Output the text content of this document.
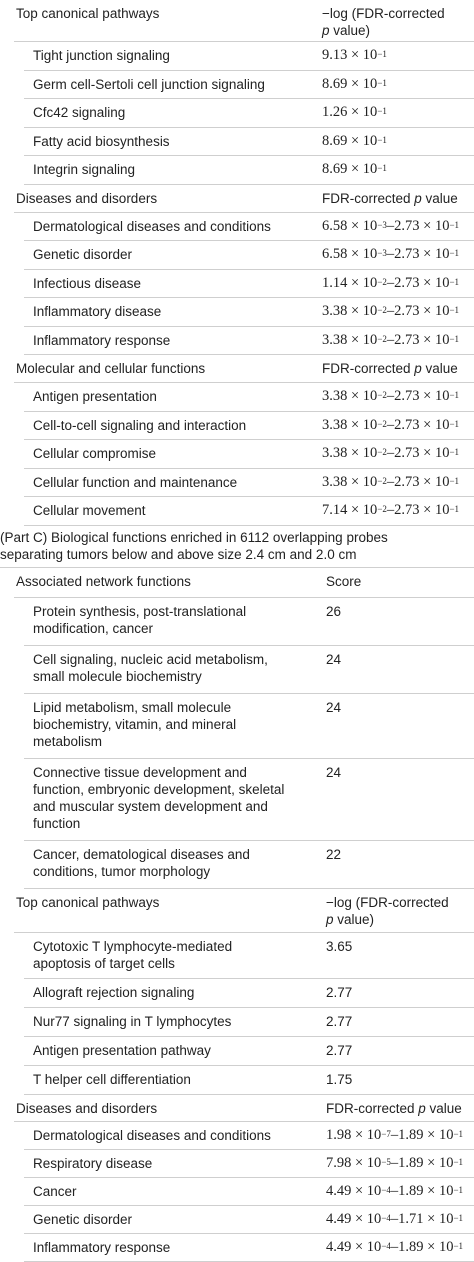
Top canonical pathways	−log (FDR-corrected
p value)
Tight junction signaling	$9.13 \times 10^{-1}$
Germ cell-Sertoli cell junction signaling	$8.69 \times 10^{-1}$
Cfc42 signaling	$1.26 \times 10^{-1}$
Fatty acid biosynthesis	$8.69 \times 10^{-1}$
Integrin signaling	$8.69 \times 10^{-1}$
Diseases and disorders	FDR-corrected p value
Dermatological diseases and conditions	$6.58 \times 10^{-3}-2.73 \times 10^{-1}$
Genetic disorder	$6.58 \times 10^{-3}-2.73 \times 10^{-1}$
Infectious disease	$1.14 \times 10^{-2}-2.73 \times 10^{-1}$
Inflammatory disease	$3.38 \times 10^{-2}-2.73 \times 10^{-1}$
Inflammatory response	$3.38 \times 10^{-2}-2.73 \times 10^{-1}$
Molecular and cellular functions	FDR-corrected p value
Antigen presentation	$3.38 \times 10^{-2}-2.73 \times 10^{-1}$
Cell-to-cell signaling and interaction	$3.38 \times 10^{-2}-2.73 \times 10^{-1}$
Cellular compromise	$3.38 \times 10^{-2}-2.73 \times 10^{-1}$
Cellular function and maintenance	$3.38 \times 10^{-2}-2.73 \times 10^{-1}$
Cellular movement	$7.14 \times 10^{-2}-2.73 \times 10^{-1}$
(Part C) Biological functions enriched in 6112 overlapping probes
separating tumors below and above size 2.4 cm and 2.0 cm
Associated network functions	Score
Protein synthesis, post-translational
modification, cancer
26
Cell signaling, nucleic acid metabolism,
small molecule biochemistry
24
Lipid metabolism, small molecule
biochemistry, vitamin, and mineral
metabolism
24
Connective tissue development and
function, embryonic development, skeletal
and muscular system development and
function
24
Cancer, dematological diseases and
conditions, tumor morphology
22
Top canonical pathways	−log (FDR-corrected
p value)
Cytotoxic T lymphocyte-mediated
apoptosis of target cells
3.65
Allograft rejection signaling	2.77
Nur77 signaling in T lymphocytes	2.77
Antigen presentation pathway	2.77
T helper cell differentiation	1.75
Diseases and disorders	FDR-corrected p value
Dermatological diseases and conditions	$1.98 \times 10^{-7}-1.89 \times 10^{-1}$
Respiratory disease	$7.98 \times 10^{-5}-1.89 \times 10^{-1}$
Cancer	$4.49 \times 10^{-4}-1.89 \times 10^{-1}$
Genetic disorder	$4.49 \times 10^{-4}-1.71 \times 10^{-1}$
Inflammatory response	$4.49 \times 10^{-4}-1.89 \times 10^{-1}$
